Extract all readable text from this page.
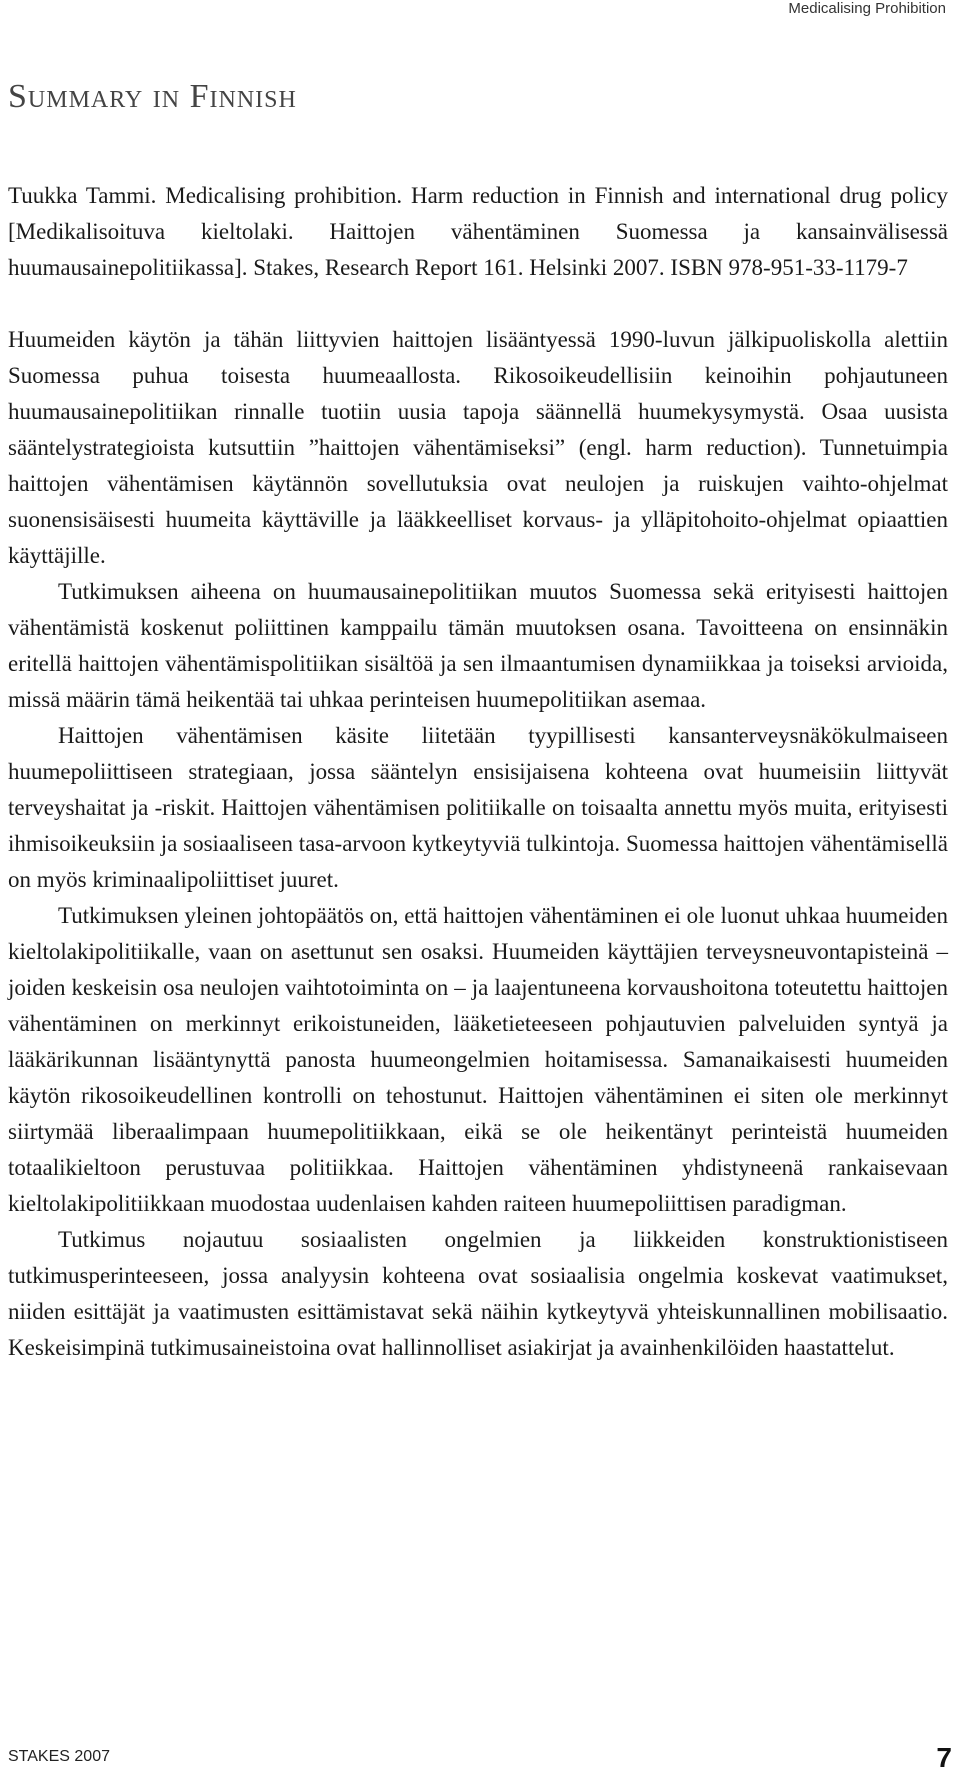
Medicalising Prohibition
Summary in Finnish

Tuukka Tammi. Medicalising prohibition. Harm reduction in Finnish and international drug policy [Medikalisoituva kieltolaki. Haittojen vähentäminen Suomessa ja kansainvälisessä huumausainepolitiikassa]. Stakes, Research Report 161. Helsinki 2007. ISBN 978-951-33-1179-7

Huumeiden käytön ja tähän liittyvien haittojen lisääntyessä 1990-luvun jälkipuoliskolla alettiin Suomessa puhua toisesta huumeaallosta. Rikosoikeudellisiin keinoihin pohjautuneen huumausainepolitiikan rinnalle tuotiin uusia tapoja säännellä huumekysymystä. Osaa uusista sääntelystrategioista kutsuttiin ”haittojen vähentämiseksi” (engl. harm reduction). Tunnetuimpia haittojen vähentämisen käytännön sovellutuksia ovat neulojen ja ruiskujen vaihto-ohjelmat suonensisäisesti huumeita käyttäville ja lääkkeelliset korvaus- ja ylläpitohoito-ohjelmat opiaattien käyttäjille.

Tutkimuksen aiheena on huumausainepolitiikan muutos Suomessa sekä erityisesti haittojen vähentämistä koskenut poliittinen kamppailu tämän muutoksen osana. Tavoitteena on ensinnäkin eritellä haittojen vähentämispolitiikan sisältöä ja sen ilmaantumisen dynamiikkaa ja toiseksi arvioida, missä määrin tämä heikentää tai uhkaa perinteisen huumepolitiikan asemaa.

Haittojen vähentämisen käsite liitetään tyypillisesti kansanterveysnäkökulmaiseen huumepoliittiseen strategiaan, jossa sääntelyn ensisijaisena kohteena ovat huumeisiin liittyvät terveyshaitat ja -riskit. Haittojen vähentämisen politiikalle on toisaalta annettu myös muita, erityisesti ihmisoikeuksiin ja sosiaaliseen tasa-arvoon kytkeytyviä tulkintoja. Suomessa haittojen vähentämisellä on myös kriminaalipoliittiset juuret.

Tutkimuksen yleinen johtopäätös on, että haittojen vähentäminen ei ole luonut uhkaa huumeiden kieltolakipolitiikalle, vaan on asettunut sen osaksi. Huumeiden käyttäjien terveysneuvontapisteinä – joiden keskeisin osa neulojen vaihtotoiminta on – ja laajentuneena korvaushoitona toteutettu haittojen vähentäminen on merkinnyt erikoistuneiden, lääketieteeseen pohjautuvien palveluiden syntyä ja lääkärikunnan lisääntynyttä panosta huumeongelmien hoitamisessa. Samanaikaisesti huumeiden käytön rikosoikeudellinen kontrolli on tehostunut. Haittojen vähentäminen ei siten ole merkinnyt siirtymää liberaalimpaan huumepolitiikkaan, eikä se ole heikentänyt perinteistä huumeiden totaalikieltoon perustuvaa politiikkaa. Haittojen vähentäminen yhdistyneenä rankaisevaan kieltolakipolitiikkaan muodostaa uudenlaisen kahden raiteen huumepoliittisen paradigman.

Tutkimus nojautuu sosiaalisten ongelmien ja liikkeiden konstruktionistiseen tutkimusperinteeseen, jossa analyysin kohteena ovat sosiaalisia ongelmia koskevat vaatimukset, niiden esittäjät ja vaatimusten esittämistavat sekä näihin kytkeytyvä yhteiskunnallinen mobilisaatio. Keskeisimpinä tutkimusaineistoina ovat hallinnolliset asiakirjat ja avainhenkilöiden haastattelut.

STAKES 2007	7
